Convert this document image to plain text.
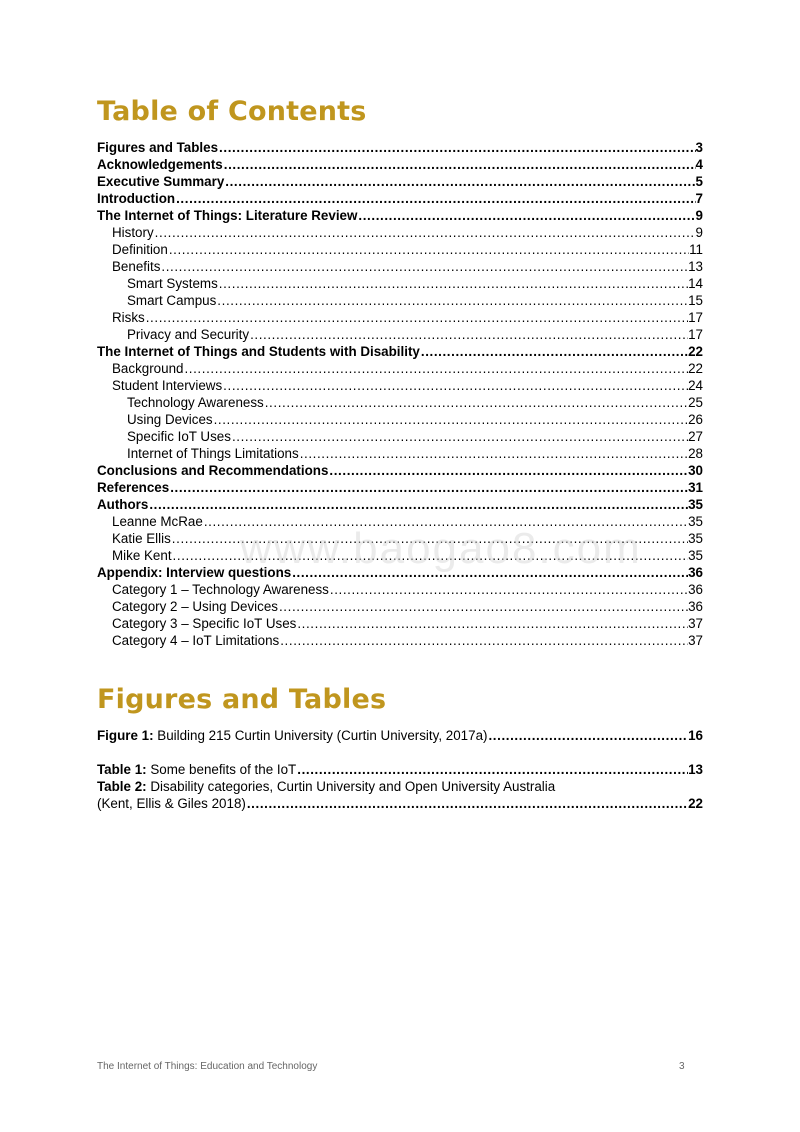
Table of Contents
Figures and Tables .....	3
Acknowledgements .....	4
Executive Summary .....	5
Introduction .....	7
The Internet of Things: Literature Review .....	9
History .....	9
Definition .....	11
Benefits .....	13
Smart Systems .....	14
Smart Campus .....	15
Risks .....	17
Privacy and Security .....	17
The Internet of Things and Students with Disability .....	22
Background .....	22
Student Interviews .....	24
Technology Awareness .....	25
Using Devices .....	26
Specific IoT Uses .....	27
Internet of Things Limitations .....	28
Conclusions and Recommendations .....	30
References .....	31
Authors .....	35
Leanne McRae .....	35
Katie Ellis .....	35
Mike Kent .....	35
Appendix: Interview questions .....	36
Category 1 – Technology Awareness .....	36
Category 2 – Using Devices .....	36
Category 3 – Specific IoT Uses .....	37
Category 4 – IoT Limitations .....	37
Figures and Tables
Figure 1: Building 215 Curtin University (Curtin University, 2017a) .....	16
Table 1: Some benefits of the IoT .....	13
Table 2: Disability categories, Curtin University and Open University Australia
(Kent, Ellis & Giles 2018) .....	22
www.baogao8.com
The Internet of Things: Education and Technology	3
